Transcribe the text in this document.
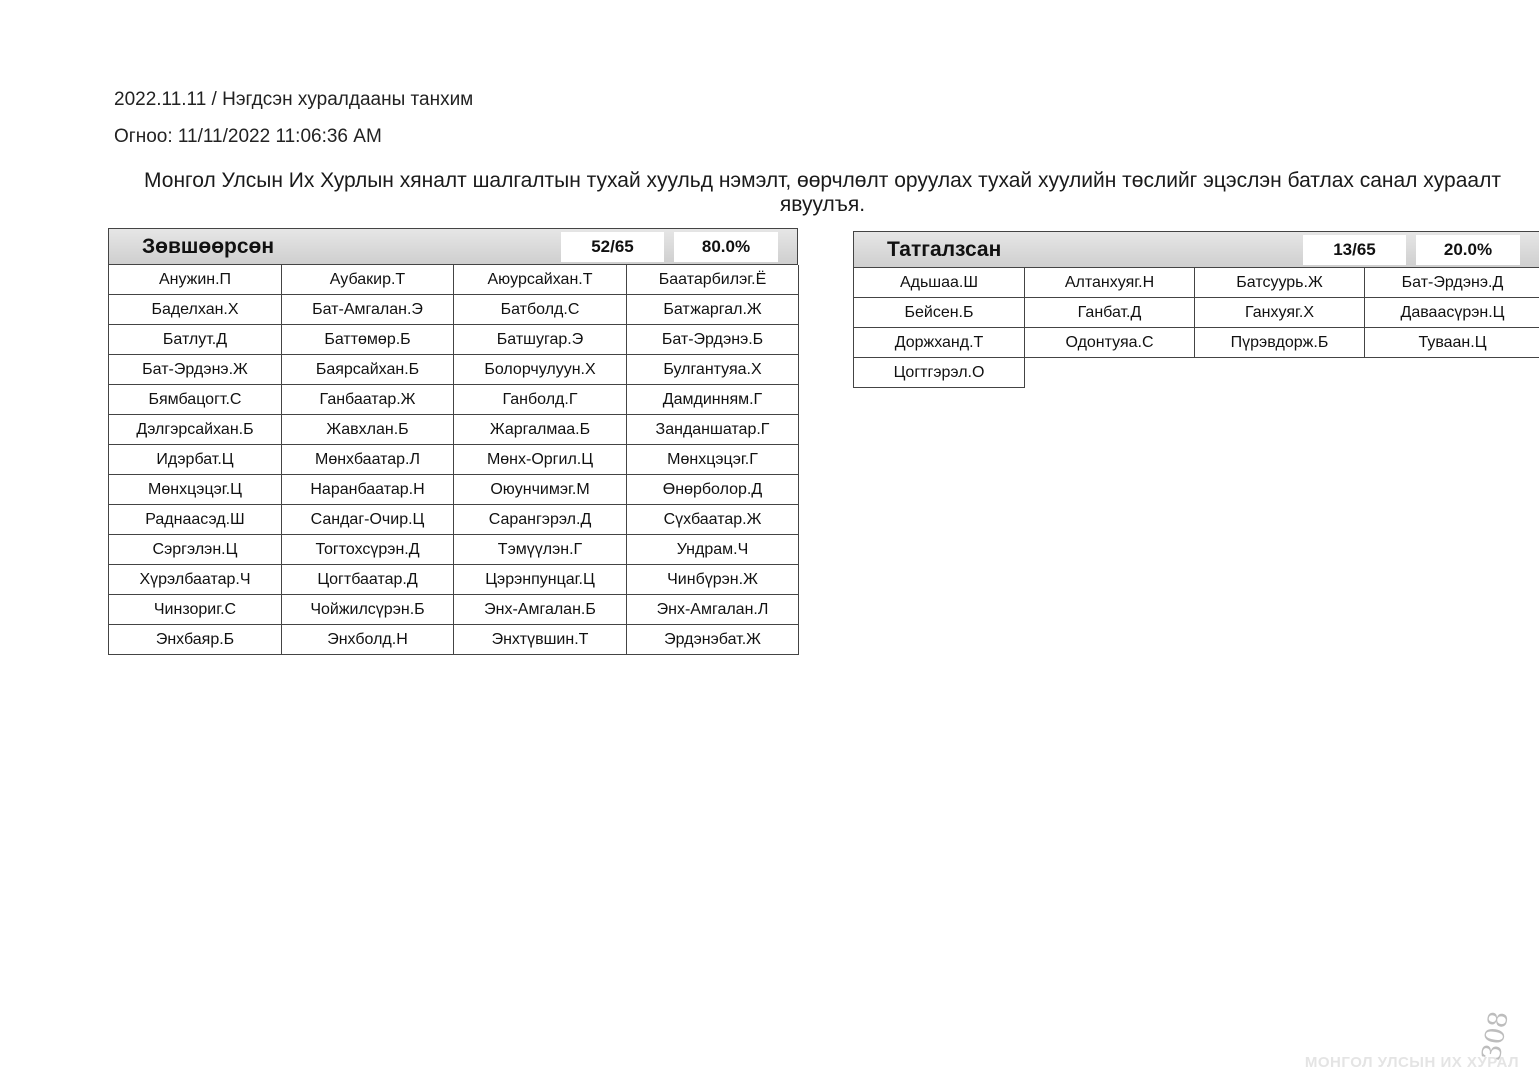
2022.11.11 / Нэгдсэн хуралдааны танхим
Огноо: 11/11/2022 11:06:36 AM
Монгол Улсын Их Хурлын хяналт шалгалтын тухай хуульд нэмэлт, өөрчлөлт оруулах тухай хуулийн төслийг эцэслэн батлах санал хураалт явуулъя.
Зөвшөөрсөн	52/65	80.0%
Анужин.П	Аубакир.Т	Аюурсайхан.Т	Баатарбилэг.Ё
Баделхан.Х	Бат-Амгалан.Э	Батболд.С	Батжаргал.Ж
Батлут.Д	Баттөмөр.Б	Батшугар.Э	Бат-Эрдэнэ.Б
Бат-Эрдэнэ.Ж	Баярсайхан.Б	Болорчулуун.Х	Булгантуяа.Х
Бямбацогт.С	Ганбаатар.Ж	Ганболд.Г	Дамдинням.Г
Дэлгэрсайхан.Б	Жавхлан.Б	Жаргалмаа.Б	Занданшатар.Г
Идэрбат.Ц	Мөнхбаатар.Л	Мөнх-Оргил.Ц	Мөнхцэцэг.Г
Мөнхцэцэг.Ц	Наранбаатар.Н	Оюунчимэг.М	Өнөрболор.Д
Раднаасэд.Ш	Сандаг-Очир.Ц	Сарангэрэл.Д	Сүхбаатар.Ж
Сэргэлэн.Ц	Тогтохсүрэн.Д	Тэмүүлэн.Г	Ундрам.Ч
Хүрэлбаатар.Ч	Цогтбаатар.Д	Цэрэнпунцаг.Ц	Чинбүрэн.Ж
Чинзориг.С	Чойжилсүрэн.Б	Энх-Амгалан.Б	Энх-Амгалан.Л
Энхбаяр.Б	Энхболд.Н	Энхтүвшин.Т	Эрдэнэбат.Ж
Татгалзсан	13/65	20.0%
Адьшаа.Ш	Алтанхуяг.Н	Батсуурь.Ж	Бат-Эрдэнэ.Д
Бейсен.Б	Ганбат.Д	Ганхуяг.Х	Даваасүрэн.Ц
Доржханд.Т	Одонтуяа.С	Пүрэвдорж.Б	Туваан.Ц
Цогтгэрэл.О
308
МОНГОЛ УЛСЫН ИХ ХУРАЛ
